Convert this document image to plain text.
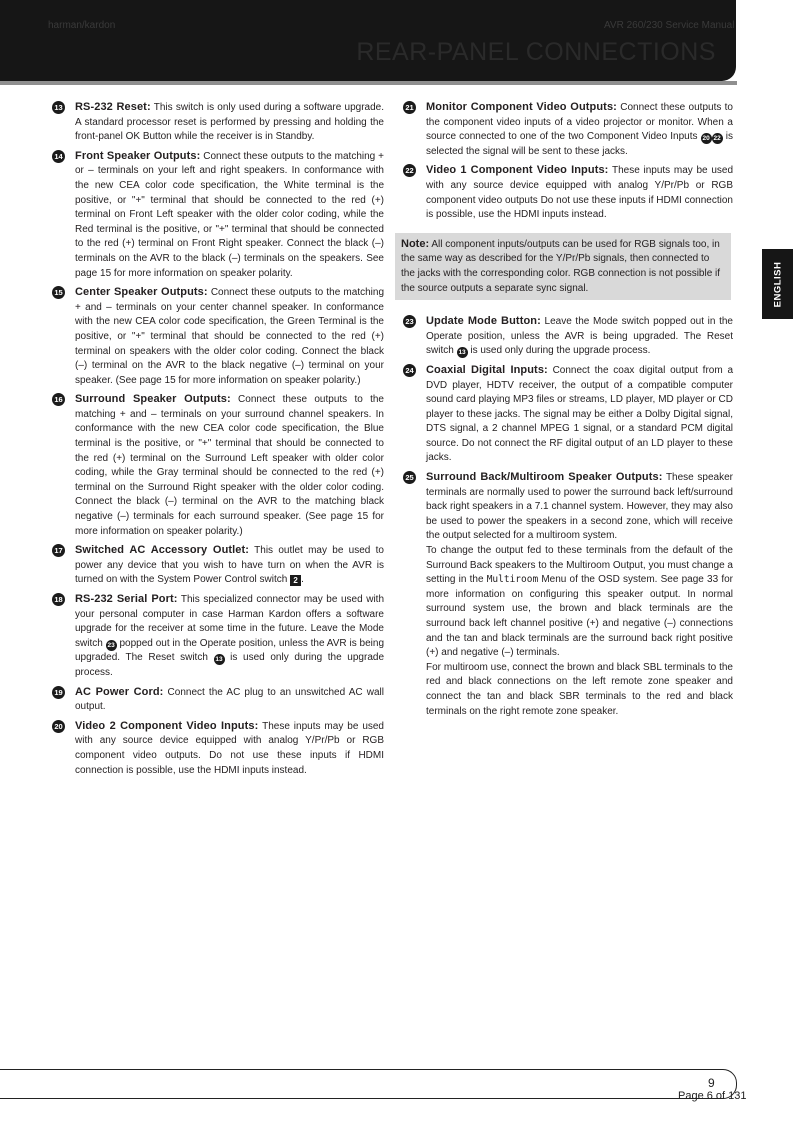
harman/kardon	AVR 260/230 Service Manual
REAR-PANEL CONNECTIONS
ENGLISH
13 RS-232 Reset: This switch is only used during a software upgrade. A standard processor reset is performed by pressing and holding the front-panel OK Button while the receiver is in Standby.
14 Front Speaker Outputs: Connect these outputs to the matching + or – terminals on your left and right speakers. In conformance with the new CEA color code specification, the White terminal is the positive, or "+" terminal that should be connected to the red (+) terminal on Front Left speaker with the older color coding, while the Red terminal is the positive, or "+" terminal that should be connected to the red (+) terminal on Front Right speaker. Connect the black (–) terminals on the AVR to the black (–) terminals on the speakers. See page 15 for more information on speaker polarity.
15 Center Speaker Outputs: Connect these outputs to the matching + and – terminals on your center channel speaker. In conformance with the new CEA color code specification, the Green Terminal is the positive, or "+" terminal that should be connected to the red (+) terminal on speakers with the older color coding. Connect the black (–) terminal on the AVR to the black negative (–) terminal on your speaker. (See page 15 for more information on speaker polarity.)
16 Surround Speaker Outputs: Connect these outputs to the matching + and – terminals on your surround channel speakers. In conformance with the new CEA color code specification, the Blue terminal is the positive, or "+" terminal that should be connected to the red (+) terminal on the Surround Left speaker with older color coding, while the Gray terminal should be connected to the red (+) terminal on the Surround Right speaker with the older color coding. Connect the black (–) terminal on the AVR to the matching black negative (–) terminals for each surround speaker. (See page 15 for more information on speaker polarity.)
17 Switched AC Accessory Outlet: This outlet may be used to power any device that you wish to have turn on when the AVR is turned on with the System Power Control switch 2 .
18 RS-232 Serial Port: This specialized connector may be used with your personal computer in case Harman Kardon offers a software upgrade for the receiver at some time in the future. Leave the Mode switch 23 popped out in the Operate position, unless the AVR is being upgraded. The Reset switch 13 is used only during the upgrade process.
19 AC Power Cord: Connect the AC plug to an unswitched AC wall output.
20 Video 2 Component Video Inputs: These inputs may be used with any source device equipped with analog Y/Pr/Pb or RGB component video outputs. Do not use these inputs if HDMI connection is possible, use the HDMI inputs instead.
21 Monitor Component Video Outputs: Connect these outputs to the component video inputs of a video projector or monitor. When a source connected to one of the two Component Video Inputs 20 22 is selected the signal will be sent to these jacks.
22 Video 1 Component Video Inputs: These inputs may be used with any source device equipped with analog Y/Pr/Pb or RGB component video outputs Do not use these inputs if HDMI connection is possible, use the HDMI inputs instead.
Note: All component inputs/outputs can be used for RGB signals too, in the same way as described for the Y/Pr/Pb signals, then connected to the jacks with the corresponding color. RGB connection is not possible if the source outputs a separate sync signal.
23 Update Mode Button: Leave the Mode switch popped out in the Operate position, unless the AVR is being upgraded. The Reset switch 13 is used only during the upgrade process.
24 Coaxial Digital Inputs: Connect the coax digital output from a DVD player, HDTV receiver, the output of a compatible computer sound card playing MP3 files or streams, LD player, MD player or CD player to these jacks. The signal may be either a Dolby Digital signal, DTS signal, a 2 channel MPEG 1 signal, or a standard PCM digital source. Do not connect the RF digital output of an LD player to these jacks.
25 Surround Back/Multiroom Speaker Outputs: These speaker terminals are normally used to power the surround back left/surround back right speakers in a 7.1 channel system. However, they may also be used to power the speakers in a second zone, which will receive the output selected for a multiroom system.

To change the output fed to these terminals from the default of the Surround Back speakers to the Multiroom Output, you must change a setting in the Multiroom Menu of the OSD system. See page 33 for more information on configuring this speaker output. In normal surround system use, the brown and black terminals are the surround back left channel positive (+) and negative (–) connections and the tan and black terminals are the surround back right positive (+) and negative (–) terminals.

For multiroom use, connect the brown and black SBL terminals to the red and black connections on the left remote zone speaker and connect the tan and black SBR terminals to the red and black terminals on the right remote zone speaker.

9
Page 6 of 131
